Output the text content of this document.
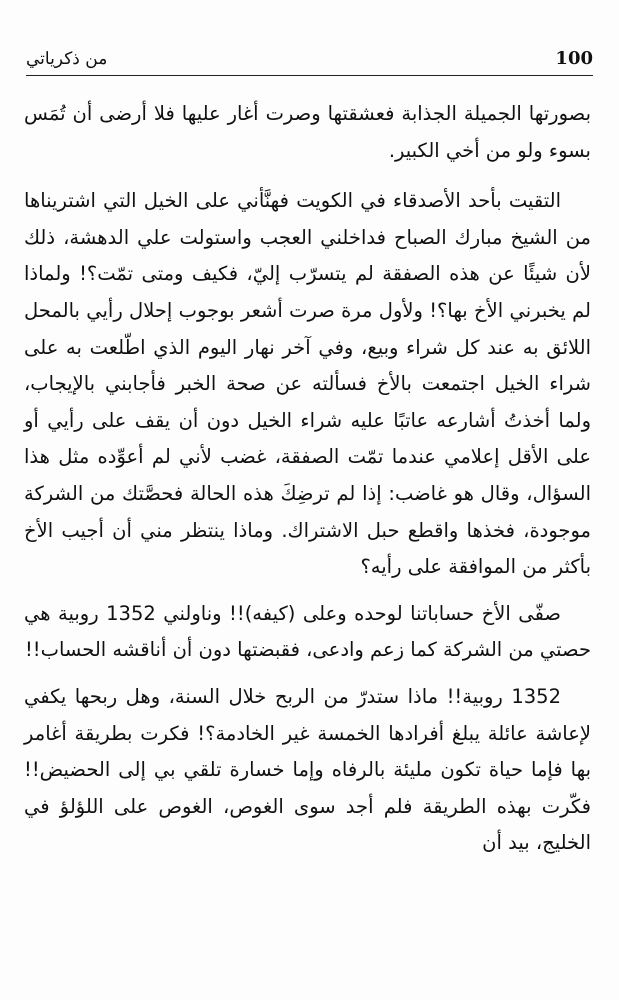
100
من ذكرياتي

بصورتها الجميلة الجذابة فعشقتها وصرت أغار عليها فلا أرضى أن تُمَس بسوء ولو من أخي الكبير.

التقيت بأحد الأصدقاء في الكويت فهنَّأني على الخيل التي اشتريناها من الشيخ مبارك الصباح فداخلني العجب واستولت علي الدهشة، ذلك لأن شيئًا عن هذه الصفقة لم يتسرّب إليّ، فكيف ومتى تمّت؟! ولماذا لم يخبرني الأخ بها؟! ولأول مرة صرت أشعر بوجوب إحلال رأيي بالمحل اللائق به عند كل شراء وبيع، وفي آخر نهار اليوم الذي اطّلعت به على شراء الخيل اجتمعت بالأخ فسألته عن صحة الخبر فأجابني بالإيجاب، ولما أخذتُ أشارعه عاتبًا عليه شراء الخيل دون أن يقف على رأيي أو على الأقل إعلامي عندما تمّت الصفقة، غضب لأني لم أعوِّده مثل هذا السؤال، وقال هو غاضب: إذا لم ترضِكَ هذه الحالة فحصَّتك من الشركة موجودة، فخذها واقطع حبل الاشتراك. وماذا ينتظر مني أن أجيب الأخ بأكثر من الموافقة على رأيه؟

صفّى الأخ حساباتنا لوحده وعلى (كيفه)!! وناولني 1352 روبية هي حصتي من الشركة كما زعم وادعى، فقبضتها دون أن أناقشه الحساب!!

1352 روبية!! ماذا ستدرّ من الربح خلال السنة، وهل ربحها يكفي لإعاشة عائلة يبلغ أفرادها الخمسة غير الخادمة؟! فكرت بطريقة أغامر بها فإما حياة تكون مليئة بالرفاه وإما خسارة تلقي بي إلى الحضيض!! فكّرت بهذه الطريقة فلم أجد سوى الغوص، الغوص على اللؤلؤ في الخليج، بيد أن
